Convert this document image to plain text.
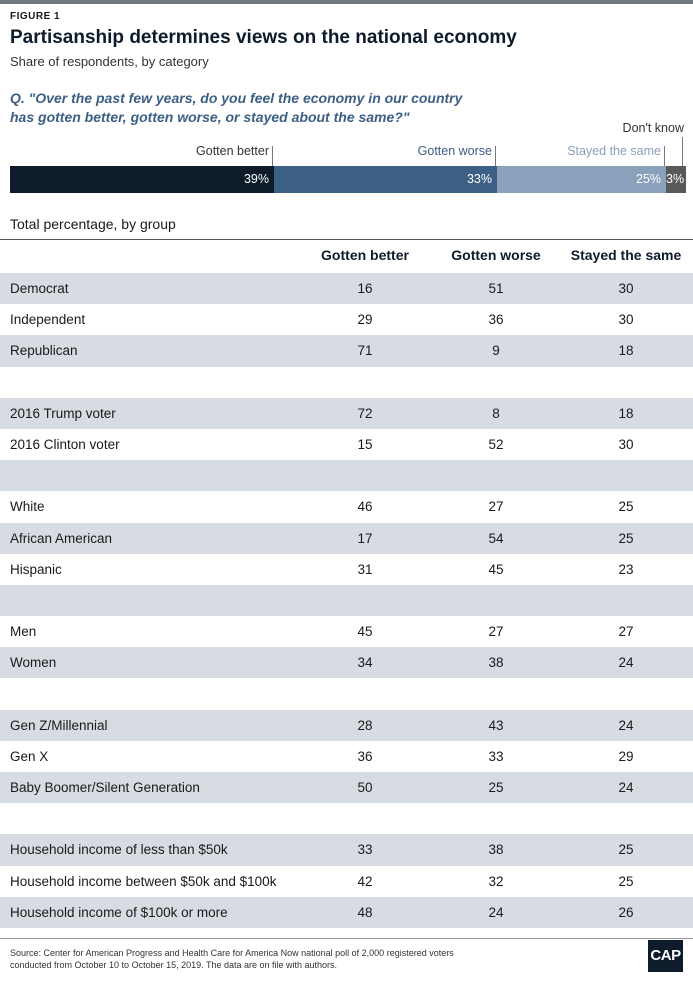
FIGURE 1
Partisanship determines views on the national economy
Share of respondents, by category
Q. "Over the past few years, do you feel the economy in our country
has gotten better, gotten worse, or stayed about the same?"
Gotten better	Gotten worse	Stayed the same
Don't know
39%	33%	25% 3%
Total percentage, by group
Gotten better	Gotten worse	Stayed the same
Democrat	16	51	30
Independent	29	36	30
Republican	71	9	18
2016 Trump voter	72	8	18
2016 Clinton voter	15	52	30
White	46	27	25
African American	17	54	25
Hispanic	31	45	23
Men	45	27	27
Women	34	38	24
Gen Z/Millennial	28	43	24
Gen X	36	33	29
Baby Boomer/Silent Generation	50	25	24
Household income of less than $50k	33	38	25
Household income between $50k and $100k	42	32	25
Household income of $100k or more	48	24	26
Source: Center for American Progress and Health Care for America Now national poll of 2,000 registered voters
conducted from October 10 to October 15, 2019. The data are on file with authors.
CAP
